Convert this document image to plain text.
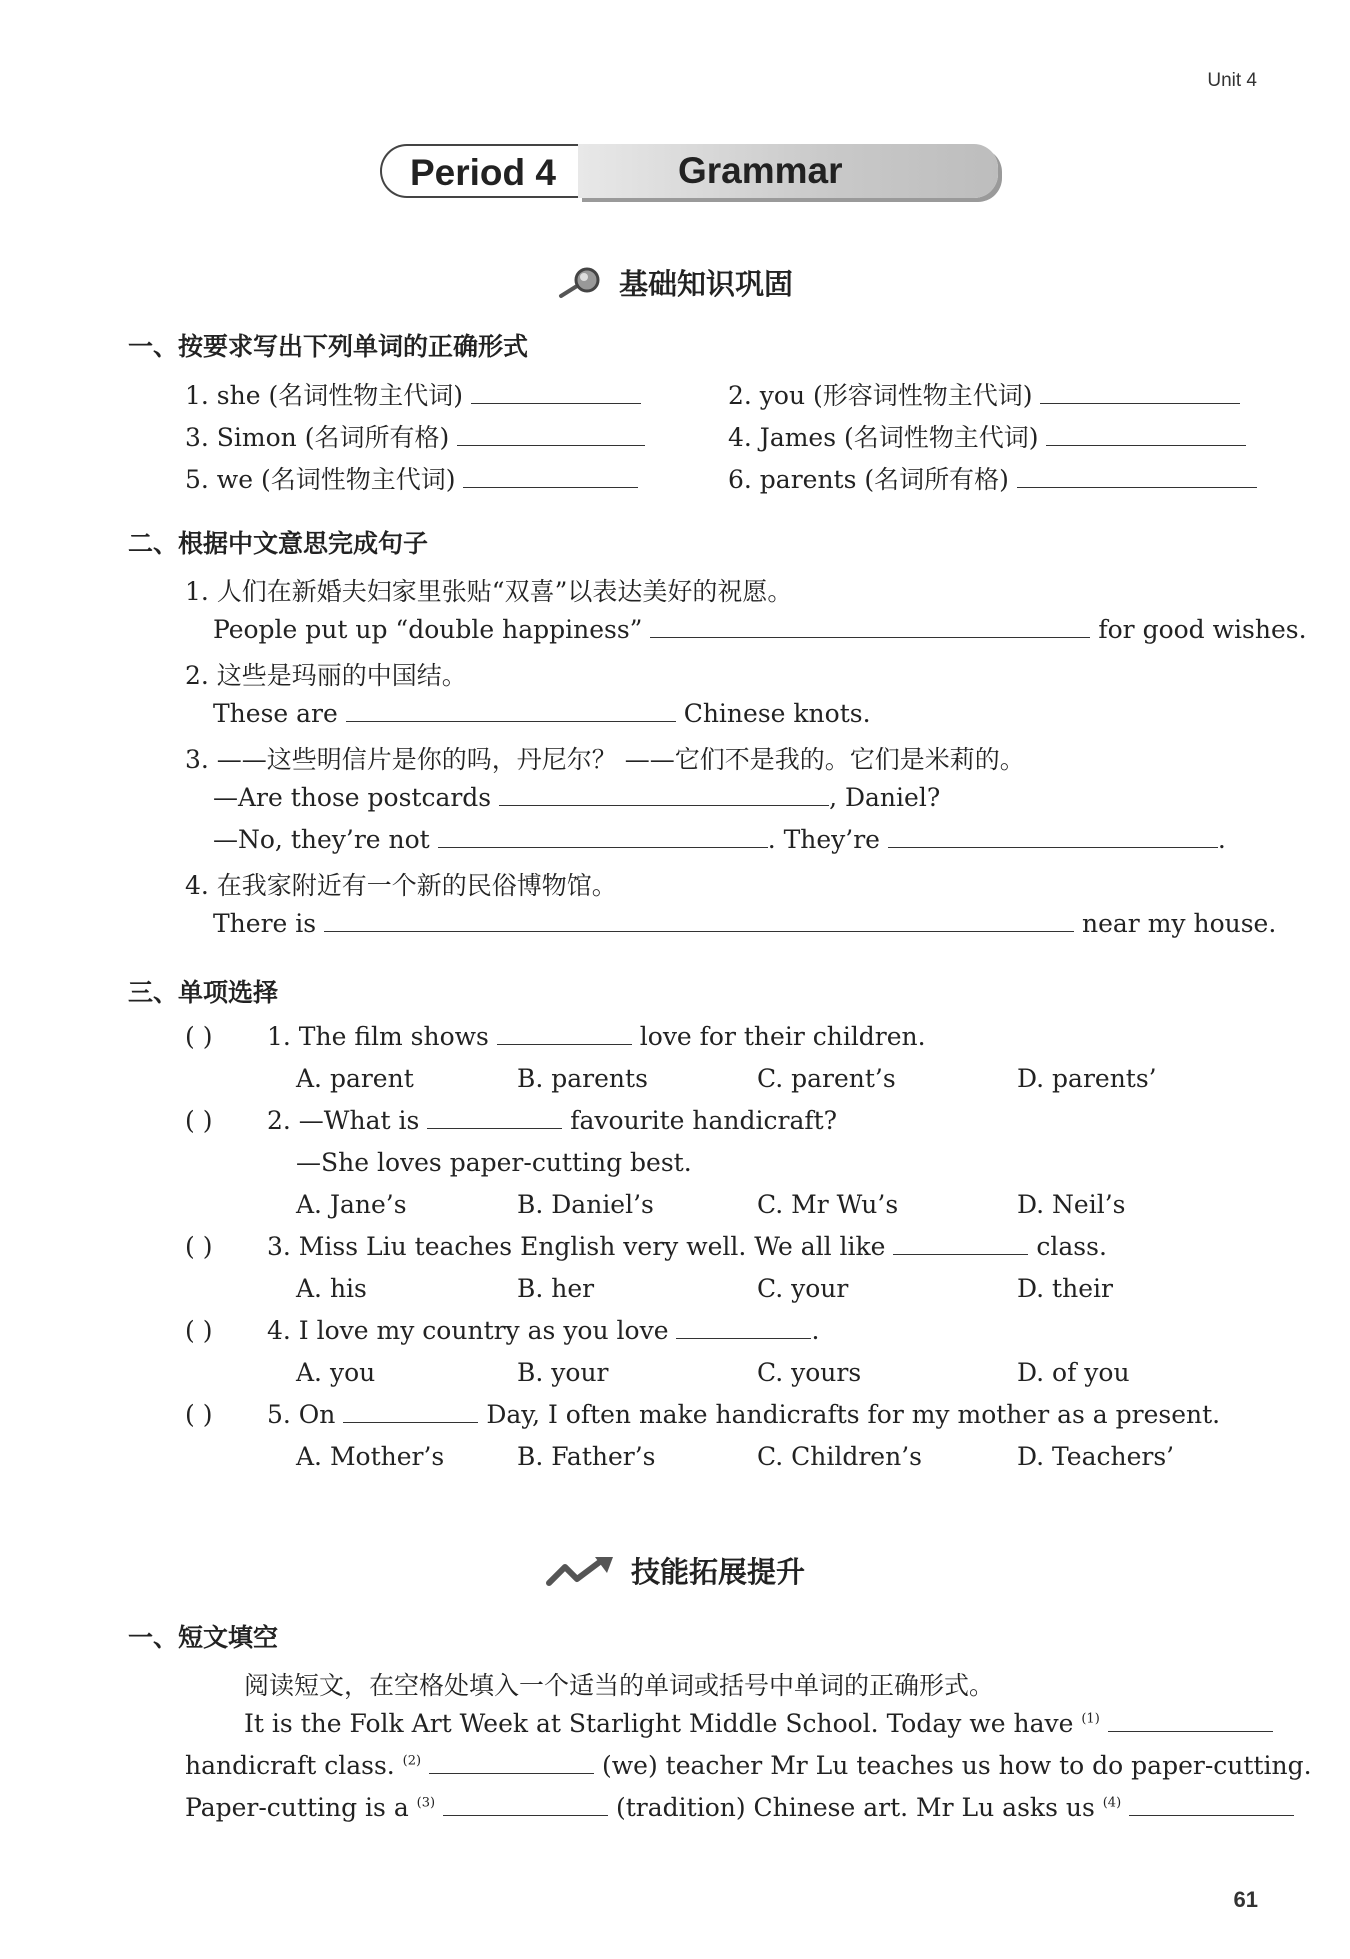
Unit 4
Period 4	Grammar
基础知识巩固
一、按要求写出下列单词的正确形式
1. she (名词性物主代词)	2. you (形容词性物主代词)
3. Simon (名词所有格)	4. James (名词性物主代词)
5. we (名词性物主代词)	6. parents (名词所有格)
二、根据中文意思完成句子
1. 人们在新婚夫妇家里张贴“双喜”以表达美好的祝愿。
People put up “double happiness”	for good wishes.
2. 这些是玛丽的中国结。
These are	Chinese knots.
3. ——这些明信片是你的吗，丹尼尔？ ——它们不是我的。它们是米莉的。
—Are those postcards	, Daniel?
—No, they’re not	. They’re	.
4. 在我家附近有一个新的民俗博物馆。
There is	near my house.
三、单项选择
( ) 1. The film shows	love for their children.
A. parent	B. parents	C. parent’s	D. parents’
( ) 2. —What is	favourite handicraft?
—She loves paper-cutting best.
A. Jane’s	B. Daniel’s	C. Mr Wu’s	D. Neil’s
( ) 3. Miss Liu teaches English very well. We all like	class.
A. his	B. her	C. your	D. their
( ) 4. I love my country as you love	.
A. you	B. your	C. yours	D. of you
( ) 5. On	Day, I often make handicrafts for my mother as a present.
A. Mother’s	B. Father’s	C. Children’s	D. Teachers’
技能拓展提升
一、短文填空
阅读短文，在空格处填入一个适当的单词或括号中单词的正确形式。
It is the Folk Art Week at Starlight Middle School. Today we have $^{(1)}$
handicraft class. $^{(2)}$	(we) teacher Mr Lu teaches us how to do paper-cutting.
Paper-cutting is a $^{(3)}$	(tradition) Chinese art. Mr Lu asks us $^{(4)}$
61
